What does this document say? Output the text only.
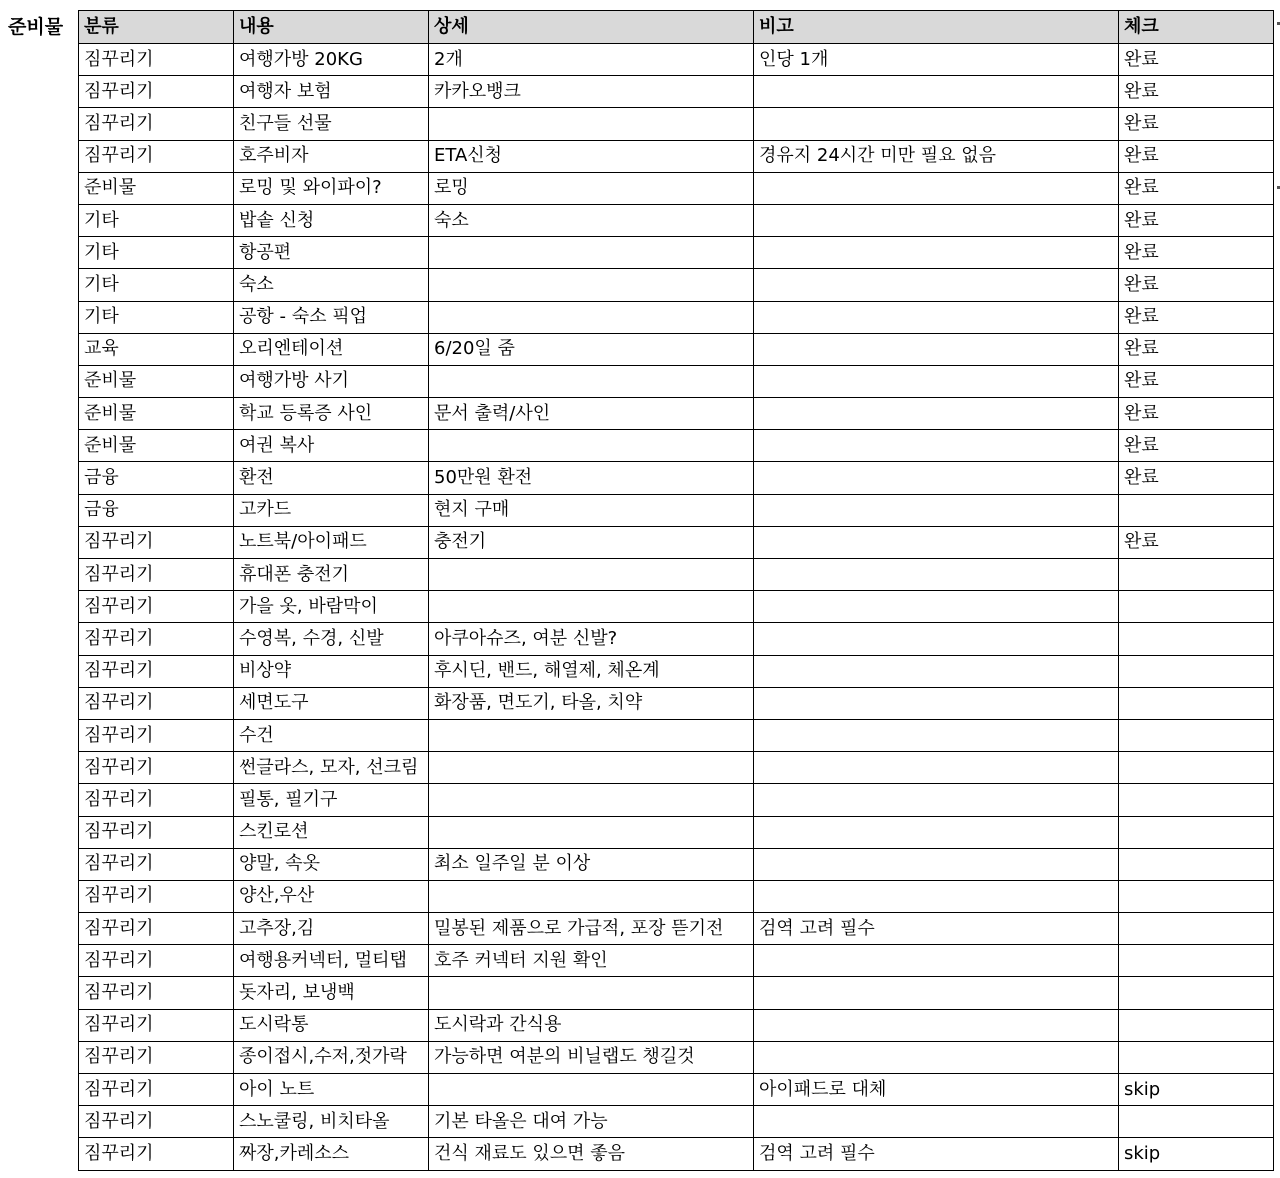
준비물 분류	내용	상세	비고	체크
짐꾸리기	여행가방 20KG	2개	인당 1개	완료
짐꾸리기	여행자 보험	카카오뱅크		완료
짐꾸리기	친구들 선물			완료
짐꾸리기	호주비자	ETA신청	경유지 24시간 미만 필요 없음	완료
준비물	로밍 및 와이파이?	로밍		완료
기타	밥솥 신청	숙소		완료
기타	항공편			완료
기타	숙소			완료
기타	공항 - 숙소 픽업			완료
교육	오리엔테이션	6/20일 줌		완료
준비물	여행가방 사기			완료
준비물	학교 등록증 사인	문서 출력/사인		완료
준비물	여권 복사			완료
금융	환전	50만원 환전		완료
금융	고카드	현지 구매		
짐꾸리기	노트북/아이패드	충전기		완료
짐꾸리기	휴대폰 충전기			
짐꾸리기	가을 옷, 바람막이			
짐꾸리기	수영복, 수경, 신발	아쿠아슈즈, 여분 신발?		
짐꾸리기	비상약	후시딘, 밴드, 해열제, 체온계		
짐꾸리기	세면도구	화장품, 면도기, 타올, 치약		
짐꾸리기	수건			
짐꾸리기	썬글라스, 모자, 선크림			
짐꾸리기	필통, 필기구			
짐꾸리기	스킨로션			
짐꾸리기	양말, 속옷	최소 일주일 분 이상		
짐꾸리기	양산,우산			
짐꾸리기	고추장,김	밀봉된 제품으로 가급적, 포장 뜯기전	검역 고려 필수	
짐꾸리기	여행용커넥터, 멀티탭	호주 커넥터 지원 확인		
짐꾸리기	돗자리, 보냉백			
짐꾸리기	도시락통	도시락과 간식용		
짐꾸리기	종이접시,수저,젓가락	가능하면 여분의 비닐랩도 챙길것		
짐꾸리기	아이 노트		아이패드로 대체	skip
짐꾸리기	스노쿨링, 비치타올	기본 타올은 대여 가능		
짐꾸리기	짜장,카레소스	건식 재료도 있으면 좋음	검역 고려 필수	skip
